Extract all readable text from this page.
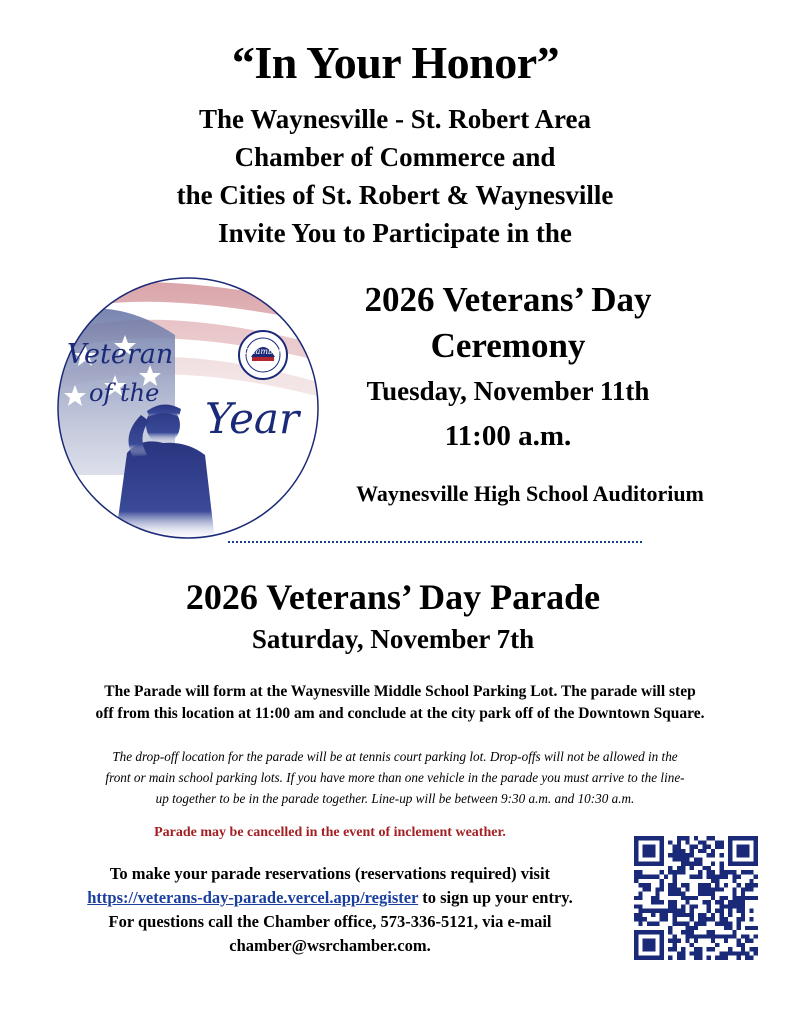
“In Your Honor”
The Waynesville - St. Robert Area
Chamber of Commerce and
the Cities of St. Robert & Waynesville
Invite You to Participate in the
Veteran
of the
Year
Chamber
2026 Veterans’ Day
Ceremony
Tuesday, November 11th
11:00 a.m.
Waynesville High School Auditorium
2026 Veterans’ Day Parade
Saturday, November 7th
The Parade will form at the Waynesville Middle School Parking Lot. The parade will step
off from this location at 11:00 am and conclude at the city park off of the Downtown Square.
The drop-off location for the parade will be at tennis court parking lot. Drop-offs will not be allowed in the
front or main school parking lots. If you have more than one vehicle in the parade you must arrive to the line-
up together to be in the parade together. Line-up will be between 9:30 a.m. and 10:30 a.m.
Parade may be cancelled in the event of inclement weather.
To make your parade reservations (reservations required) visit
https://veterans-day-parade.vercel.app/register to sign up your entry.
For questions call the Chamber office, 573-336-5121, via e-mail
chamber@wsrchamber.com.
